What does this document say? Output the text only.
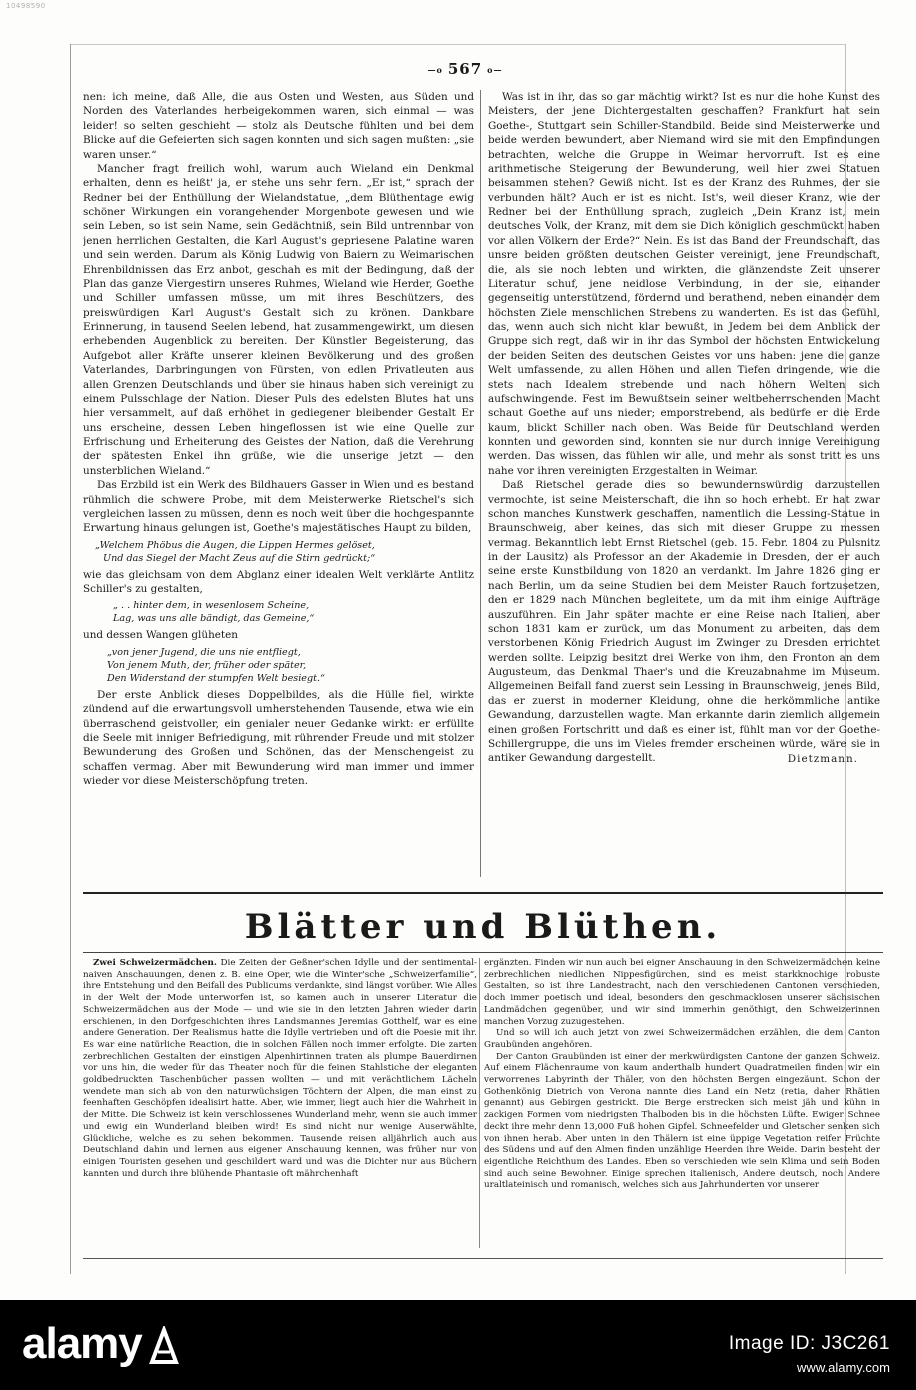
10498590
—o 567 o—

nen: ich meine, daß Alle, die aus Osten und Westen, aus Süden und Norden des Vaterlandes herbeigekommen waren, sich einmal — was leider! so selten geschieht — stolz als Deutsche fühlten und bei dem Blicke auf die Gefeierten sich sagen konnten und sich sagen mußten: „sie waren unser.“

Mancher fragt freilich wohl, warum auch Wieland ein Denkmal erhalten, denn es heißt' ja, er stehe uns sehr fern. „Er ist,“ sprach der Redner bei der Enthüllung der Wielandstatue, „dem Blüthentage ewig schöner Wirkungen ein vorangehender Morgenbote gewesen und wie sein Leben, so ist sein Name, sein Gedächtniß, sein Bild untrennbar von jenen herrlichen Gestalten, die Karl August's gepriesene Palatine waren und sein werden. Darum als König Ludwig von Baiern zu Weimarischen Ehrenbildnissen das Erz anbot, geschah es mit der Bedingung, daß der Plan das ganze Viergestirn unseres Ruhmes, Wieland wie Herder, Goethe und Schiller umfassen müsse, um mit ihres Beschützers, des preiswürdigen Karl August's Gestalt sich zu krönen. Dankbare Erinnerung, in tausend Seelen lebend, hat zusammengewirkt, um diesen erhebenden Augenblick zu bereiten. Der Künstler Begeisterung, das Aufgebot aller Kräfte unserer kleinen Bevölkerung und des großen Vaterlandes, Darbringungen von Fürsten, von edlen Privatleuten aus allen Grenzen Deutschlands und über sie hinaus haben sich vereinigt zu einem Pulsschlage der Nation. Dieser Puls des edelsten Blutes hat uns hier versammelt, auf daß erhöhet in gediegener bleibender Gestalt Er uns erscheine, dessen Leben hingeflossen ist wie eine Quelle zur Erfrischung und Erheiterung des Geistes der Nation, daß die Verehrung der spätesten Enkel ihn grüße, wie die unserige jetzt — den unsterblichen Wieland.“

Das Erzbild ist ein Werk des Bildhauers Gasser in Wien und es bestand rühmlich die schwere Probe, mit dem Meisterwerke Rietschel's sich vergleichen lassen zu müssen, denn es noch weit über die hochgespannte Erwartung hinaus gelungen ist, Goethe's majestätisches Haupt zu bilden,

„Welchem Phöbus die Augen, die Lippen Hermes gelöset,
Und das Siegel der Macht Zeus auf die Stirn gedrückt;“

wie das gleichsam von dem Abglanz einer idealen Welt verklärte Antlitz Schiller's zu gestalten,

„ . . hinter dem, in wesenlosem Scheine,
Lag, was uns alle bändigt, das Gemeine,“

und dessen Wangen glüheten

„von jener Jugend, die uns nie entfliegt,
Von jenem Muth, der, früher oder später,
Den Widerstand der stumpfen Welt besiegt.“

Der erste Anblick dieses Doppelbildes, als die Hülle fiel, wirkte zündend auf die erwartungsvoll umherstehenden Tausende, etwa wie ein überraschend geistvoller, ein genialer neuer Gedanke wirkt: er erfüllte die Seele mit inniger Befriedigung, mit rührender Freude und mit stolzer Bewunderung des Großen und Schönen, das der Menschengeist zu schaffen vermag. Aber mit Bewunderung wird man immer und immer wieder vor diese Meisterschöpfung treten.

Was ist in ihr, das so gar mächtig wirkt? Ist es nur die hohe Kunst des Meisters, der jene Dichtergestalten geschaffen? Frankfurt hat sein Goethe-, Stuttgart sein Schiller-Standbild. Beide sind Meisterwerke und beide werden bewundert, aber Niemand wird sie mit den Empfindungen betrachten, welche die Gruppe in Weimar hervorruft. Ist es eine arithmetische Steigerung der Bewunderung, weil hier zwei Statuen beisammen stehen? Gewiß nicht. Ist es der Kranz des Ruhmes, der sie verbunden hält? Auch er ist es nicht. Ist's, weil dieser Kranz, wie der Redner bei der Enthüllung sprach, zugleich „Dein Kranz ist, mein deutsches Volk, der Kranz, mit dem sie Dich königlich geschmückt haben vor allen Völkern der Erde?“ Nein. Es ist das Band der Freundschaft, das unsre beiden größten deutschen Geister vereinigt, jene Freundschaft, die, als sie noch lebten und wirkten, die glänzendste Zeit unserer Literatur schuf, jene neidlose Verbindung, in der sie, einander gegenseitig unterstützend, fördernd und berathend, neben einander dem höchsten Ziele menschlichen Strebens zu wanderten. Es ist das Gefühl, das, wenn auch sich nicht klar bewußt, in Jedem bei dem Anblick der Gruppe sich regt, daß wir in ihr das Symbol der höchsten Entwickelung der beiden Seiten des deutschen Geistes vor uns haben: jene die ganze Welt umfassende, zu allen Höhen und allen Tiefen dringende, wie die stets nach Idealem strebende und nach höhern Welten sich aufschwingende. Fest im Bewußtsein seiner weltbeherrschenden Macht schaut Goethe auf uns nieder; emporstrebend, als bedürfe er die Erde kaum, blickt Schiller nach oben. Was Beide für Deutschland werden konnten und geworden sind, konnten sie nur durch innige Vereinigung werden. Das wissen, das fühlen wir alle, und mehr als sonst tritt es uns nahe vor ihren vereinigten Erzgestalten in Weimar.

Daß Rietschel gerade dies so bewundernswürdig darzustellen vermochte, ist seine Meisterschaft, die ihn so hoch erhebt. Er hat zwar schon manches Kunstwerk geschaffen, namentlich die Lessing-Statue in Braunschweig, aber keines, das sich mit dieser Gruppe zu messen vermag. Bekanntlich lebt Ernst Rietschel (geb. 15. Febr. 1804 zu Pulsnitz in der Lausitz) als Professor an der Akademie in Dresden, der er auch seine erste Kunstbildung von 1820 an verdankt. Im Jahre 1826 ging er nach Berlin, um da seine Studien bei dem Meister Rauch fortzusetzen, den er 1829 nach München begleitete, um da mit ihm einige Aufträge auszuführen. Ein Jahr später machte er eine Reise nach Italien, aber schon 1831 kam er zurück, um das Monument zu arbeiten, das dem verstorbenen König Friedrich August im Zwinger zu Dresden errichtet werden sollte. Leipzig besitzt drei Werke von ihm, den Fronton an dem Augusteum, das Denkmal Thaer's und die Kreuzabnahme im Museum. Allgemeinen Beifall fand zuerst sein Lessing in Braunschweig, jenes Bild, das er zuerst in moderner Kleidung, ohne die herkömmliche antike Gewandung, darzustellen wagte. Man erkannte darin ziemlich allgemein einen großen Fortschritt und daß es einer ist, fühlt man vor der Goethe-Schillergruppe, die uns im Vieles fremder erscheinen würde, wäre sie in antiker Gewandung dargestellt.	Dietzmann.
Blätter und Blüthen.

Zwei Schweizermädchen. Die Zeiten der Geßner'schen Idylle und der sentimental-naiven Anschauungen, denen z. B. eine Oper, wie die Winter'sche „Schweizerfamilie“, ihre Entstehung und den Beifall des Publicums verdankte, sind längst vorüber. Wie Alles in der Welt der Mode unterworfen ist, so kamen auch in unserer Literatur die Schweizermädchen aus der Mode — und wie sie in den letzten Jahren wieder darin erschienen, in den Dorfgeschichten ihres Landsmannes Jeremias Gotthelf, war es eine andere Generation. Der Realismus hatte die Idylle vertrieben und oft die Poesie mit ihr. Es war eine natürliche Reaction, die in solchen Fällen noch immer erfolgte. Die zarten zerbrechlichen Gestalten der einstigen Alpenhirtinnen traten als plumpe Bauerdirnen vor uns hin, die weder für das Theater noch für die feinen Stahlstiche der eleganten goldbedruckten Taschenbücher passen wollten — und mit verächtlichem Lächeln wendete man sich ab von den naturwüchsigen Töchtern der Alpen, die man einst zu feenhaften Geschöpfen idealisirt hatte. Aber, wie immer, liegt auch hier die Wahrheit in der Mitte. Die Schweiz ist kein verschlossenes Wunderland mehr, wenn sie auch immer und ewig ein Wunderland bleiben wird! Es sind nicht nur wenige Auserwählte, Glückliche, welche es zu sehen bekommen. Tausende reisen alljährlich auch aus Deutschland dahin und lernen aus eigener Anschauung kennen, was früher nur von einigen Touristen gesehen und geschildert ward und was die Dichter nur aus Büchern kannten und durch ihre blühende Phantasie oft mährchenhaft

ergänzten. Finden wir nun auch bei eigner Anschauung in den Schweizermädchen keine zerbrechlichen niedlichen Nippesfigürchen, sind es meist starkknochige robuste Gestalten, so ist ihre Landestracht, nach den verschiedenen Cantonen verschieden, doch immer poetisch und ideal, besonders den geschmacklosen unserer sächsischen Landmädchen gegenüber, und wir sind immerhin genöthigt, den Schweizerinnen manchen Vorzug zuzugestehen.

Und so will ich auch jetzt von zwei Schweizermädchen erzählen, die dem Canton Graubünden angehören.

Der Canton Graubünden ist einer der merkwürdigsten Cantone der ganzen Schweiz. Auf einem Flächenraume von kaum anderthalb hundert Quadratmeilen finden wir ein verworrenes Labyrinth der Thäler, von den höchsten Bergen eingezäunt. Schon der Gothenkönig Dietrich von Verona nannte dies Land ein Netz (retia, daher Rhätien genannt) aus Gebirgen gestrickt. Die Berge erstrecken sich meist jäh und kühn in zackigen Formen vom niedrigsten Thalboden bis in die höchsten Lüfte. Ewiger Schnee deckt ihre mehr denn 13,000 Fuß hohen Gipfel. Schneefelder und Gletscher senken sich von ihnen herab. Aber unten in den Thälern ist eine üppige Vegetation reifer Früchte des Südens und auf den Almen finden unzählige Heerden ihre Weide. Darin besteht der eigentliche Reichthum des Landes. Eben so verschieden wie sein Klima und sein Boden sind auch seine Bewohner. Einige sprechen italienisch, Andere deutsch, noch Andere uraltlateinisch und romanisch, welches sich aus Jahrhunderten vor unserer

alamy	Image ID: J3C261
www.alamy.com
